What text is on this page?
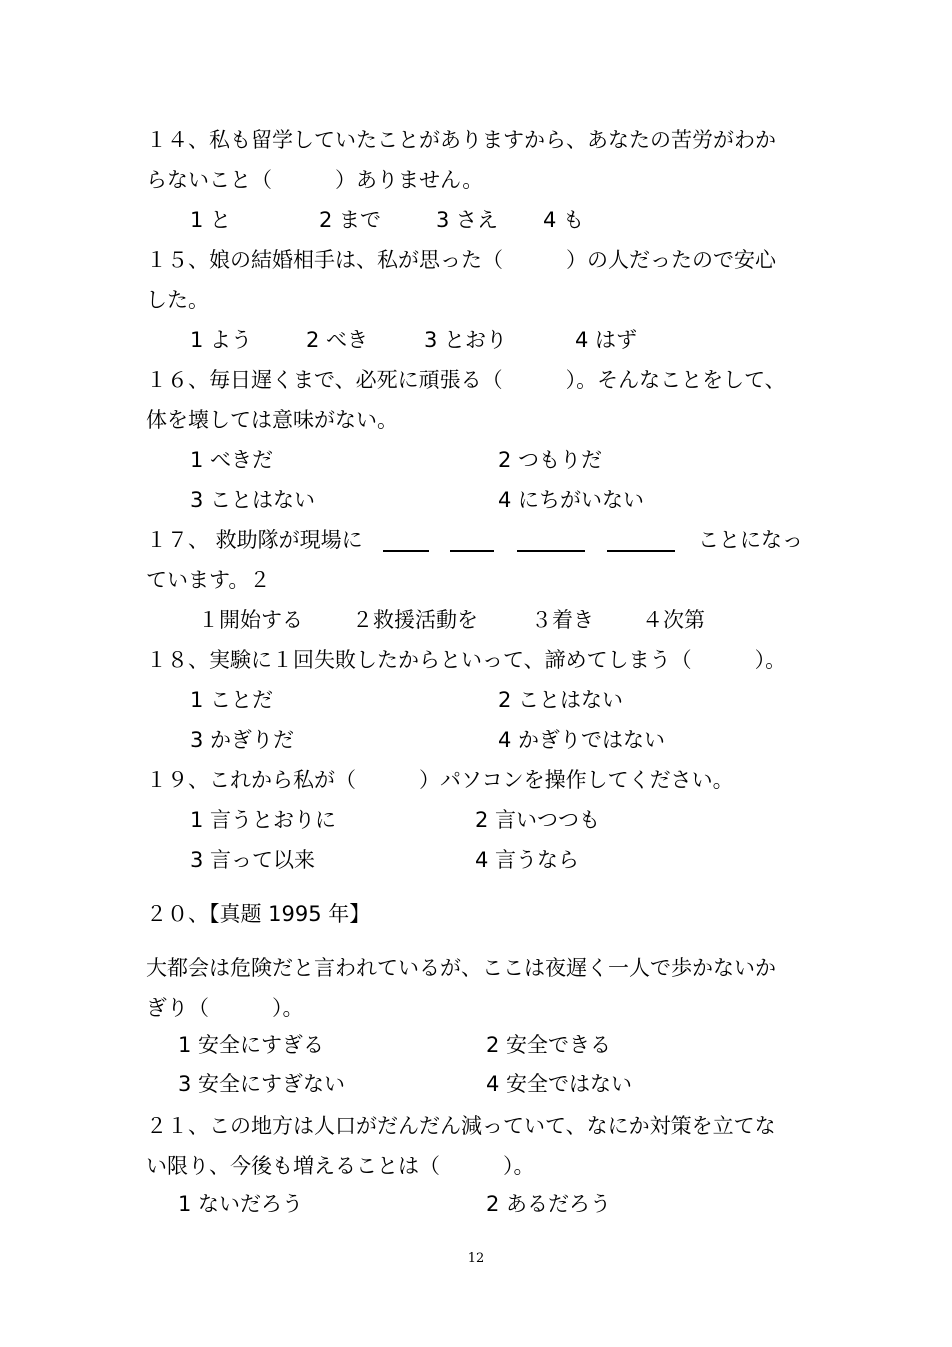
１４、私も留学していたことがありますから、あなたの苦労がわか
らないこと（　　　）ありません。
1 と	2 まで	3 さえ 4 も
１５、娘の結婚相手は、私が思った（　　　）の人だったので安心
した。
1 よう	2 べき	3 とおり	4 はず
１６、毎日遅くまで、必死に頑張る（　　　）。そんなことをして、
体を壊しては意味がない。
1 べきだ	2 つもりだ
3 ことはない	4 にちがいない
１７、 救助隊が現場に	ことになっ
ています。２
１開始する ２救援活動を	３着き ４次第
１８、実験に１回失敗したからといって、諦めてしまう（　　　）。
1 ことだ	2 ことはない
3 かぎりだ	4 かぎりではない
１９、これから私が（　　　）パソコンを操作してください。
1 言うとおりに	2 言いつつも
3 言って以来	4 言うなら
２０、【真题 1995 年】
大都会は危険だと言われているが、ここは夜遅く一人で歩かないか
ぎり（　　　）。
1 安全にすぎる	2 安全できる
3 安全にすぎない	4 安全ではない
２１、この地方は人口がだんだん減っていて、なにか対策を立てな
い限り、今後も増えることは（　　　）。
1 ないだろう	2 あるだろう
12
